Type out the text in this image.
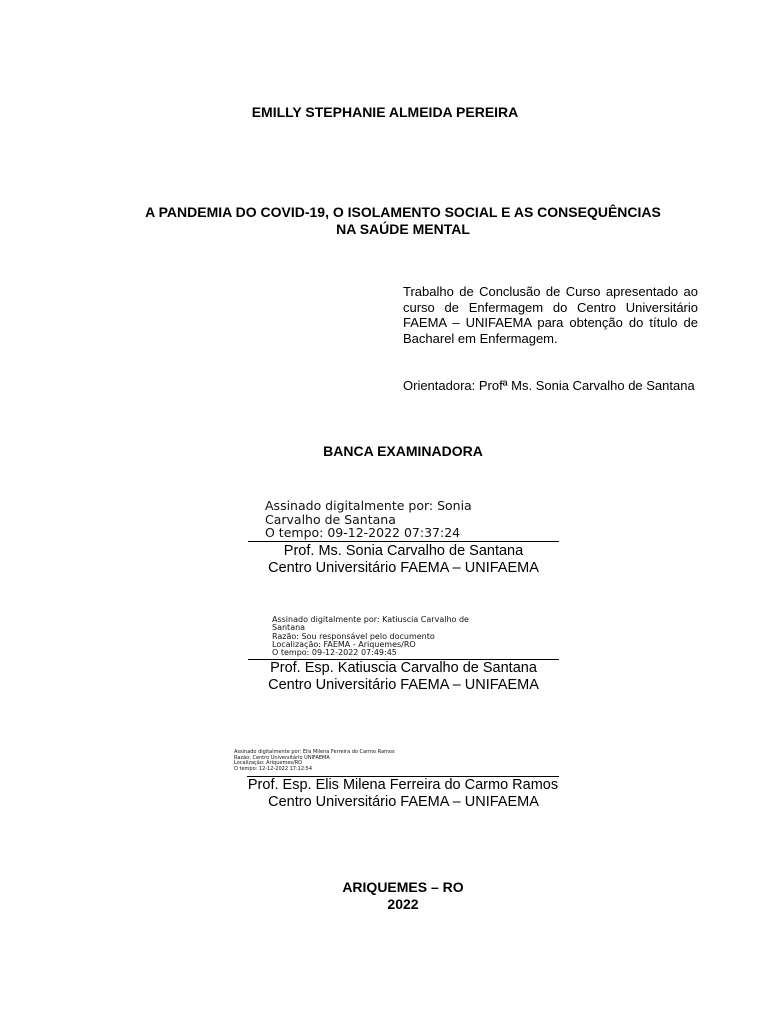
EMILLY STEPHANIE ALMEIDA PEREIRA
A PANDEMIA DO COVID-19, O ISOLAMENTO SOCIAL E AS CONSEQUÊNCIAS
NA SAÚDE MENTAL
Trabalho de Conclusão de Curso apresentado ao curso de Enfermagem do Centro Universitário FAEMA – UNIFAEMA para obtenção do título de Bacharel em Enfermagem.
Orientadora: Profª Ms. Sonia Carvalho de Santana
BANCA EXAMINADORA
Assinado digitalmente por: Sonia
Carvalho de Santana
O tempo: 09-12-2022 07:37:24
Prof. Ms. Sonia Carvalho de Santana
Centro Universitário FAEMA – UNIFAEMA
Assinado digitalmente por: Katiuscia Carvalho de
Santana
Razão: Sou responsável pelo documento
Localização: FAEMA - Ariquemes/RO
O tempo: 09-12-2022 07:49:45
Prof. Esp. Katiuscia Carvalho de Santana
Centro Universitário FAEMA – UNIFAEMA
Assinado digitalmente por: Elis Milena Ferreira do Carmo Ramos
Razão: Centro Universitário UNIFAEMA
Localização: Ariquemes/RO
O tempo: 12-12-2022 17:12:54
Prof. Esp. Elis Milena Ferreira do Carmo Ramos
Centro Universitário FAEMA – UNIFAEMA
ARIQUEMES – RO
2022
